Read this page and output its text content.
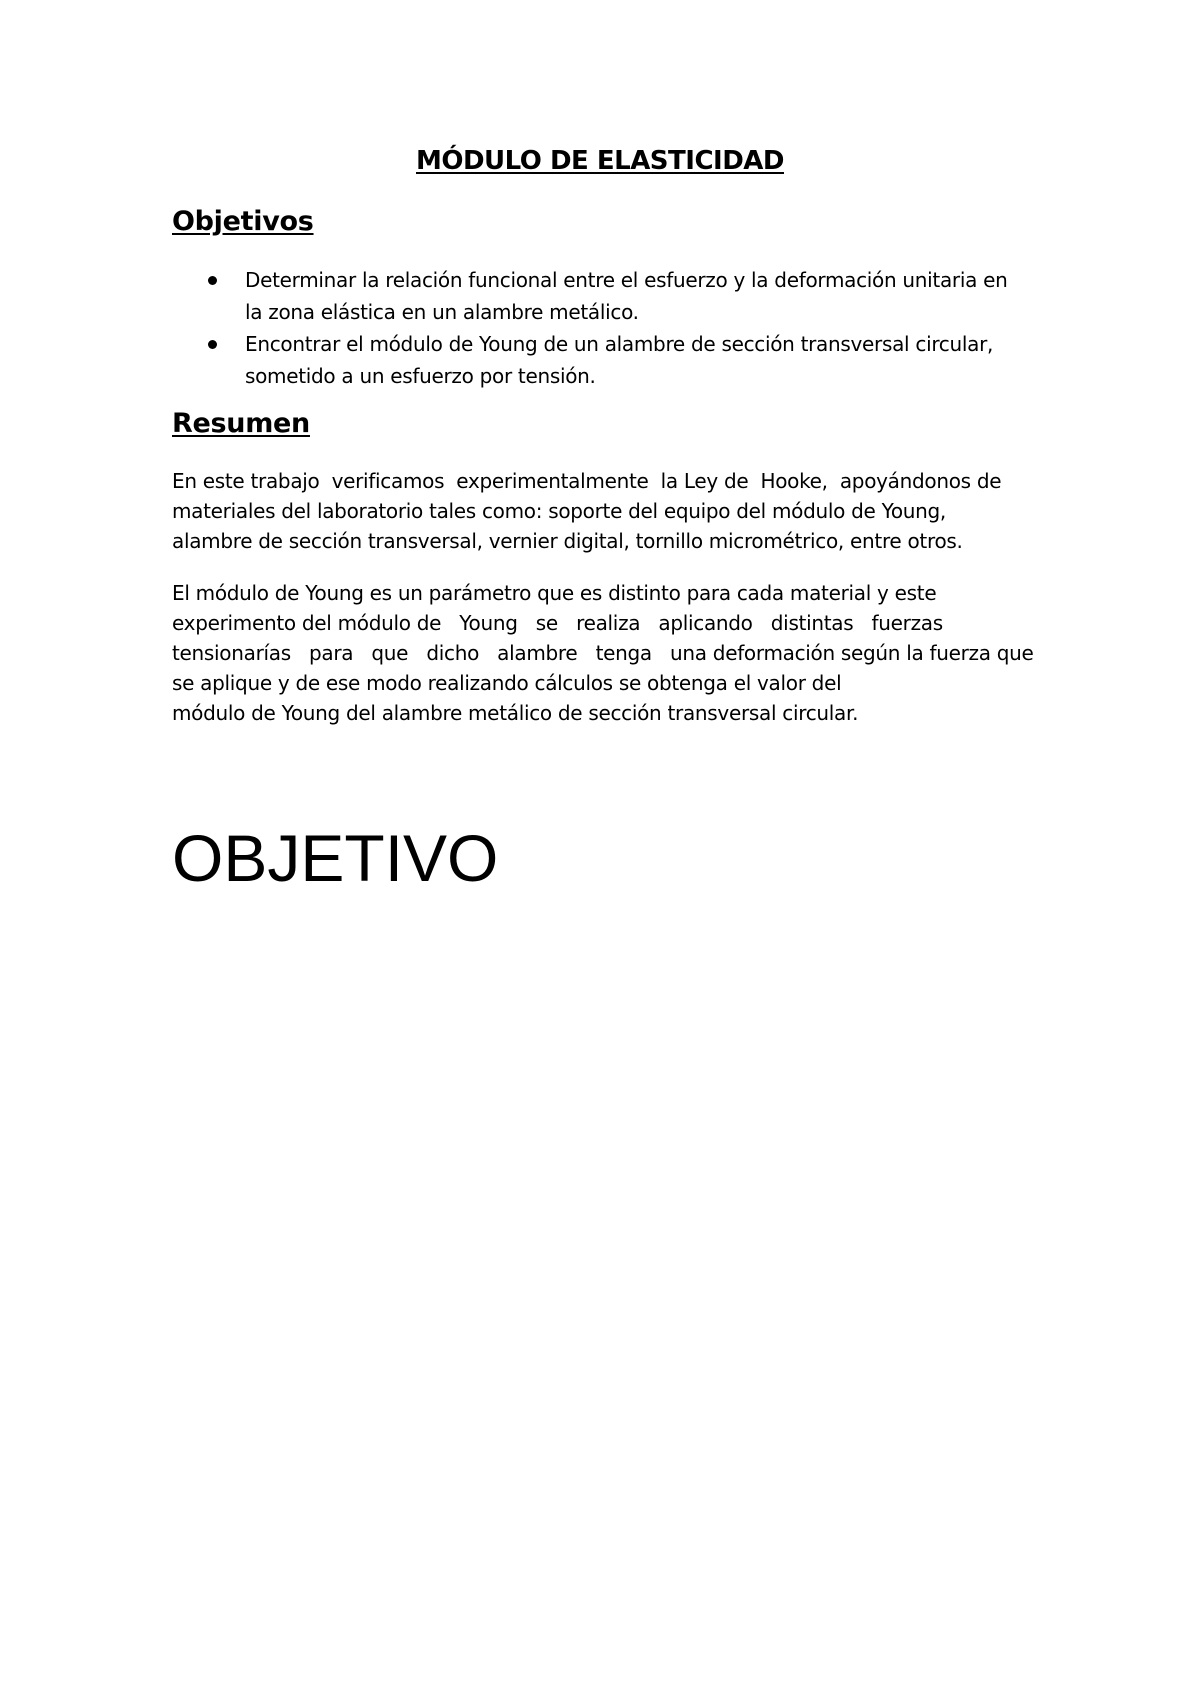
MÓDULO DE ELASTICIDAD
Objetivos
Determinar la relación funcional entre el esfuerzo y la deformación unitaria en
la zona elástica en un alambre metálico.
Encontrar el módulo de Young de un alambre de sección transversal circular,
sometido a un esfuerzo por tensión.
Resumen
En este trabajo  verificamos  experimentalmente  la Ley de  Hooke,  apoyándonos de
materiales del laboratorio tales como: soporte del equipo del módulo de Young,
alambre de sección transversal, vernier digital, tornillo micrométrico, entre otros.
El módulo de Young es un parámetro que es distinto para cada material y este
experimento del módulo de   Young   se   realiza   aplicando   distintas   fuerzas
tensionarías   para   que   dicho   alambre   tenga   una deformación según la fuerza que
se aplique y de ese modo realizando cálculos se obtenga el valor del
módulo de Young del alambre metálico de sección transversal circular.
OBJETIVO
